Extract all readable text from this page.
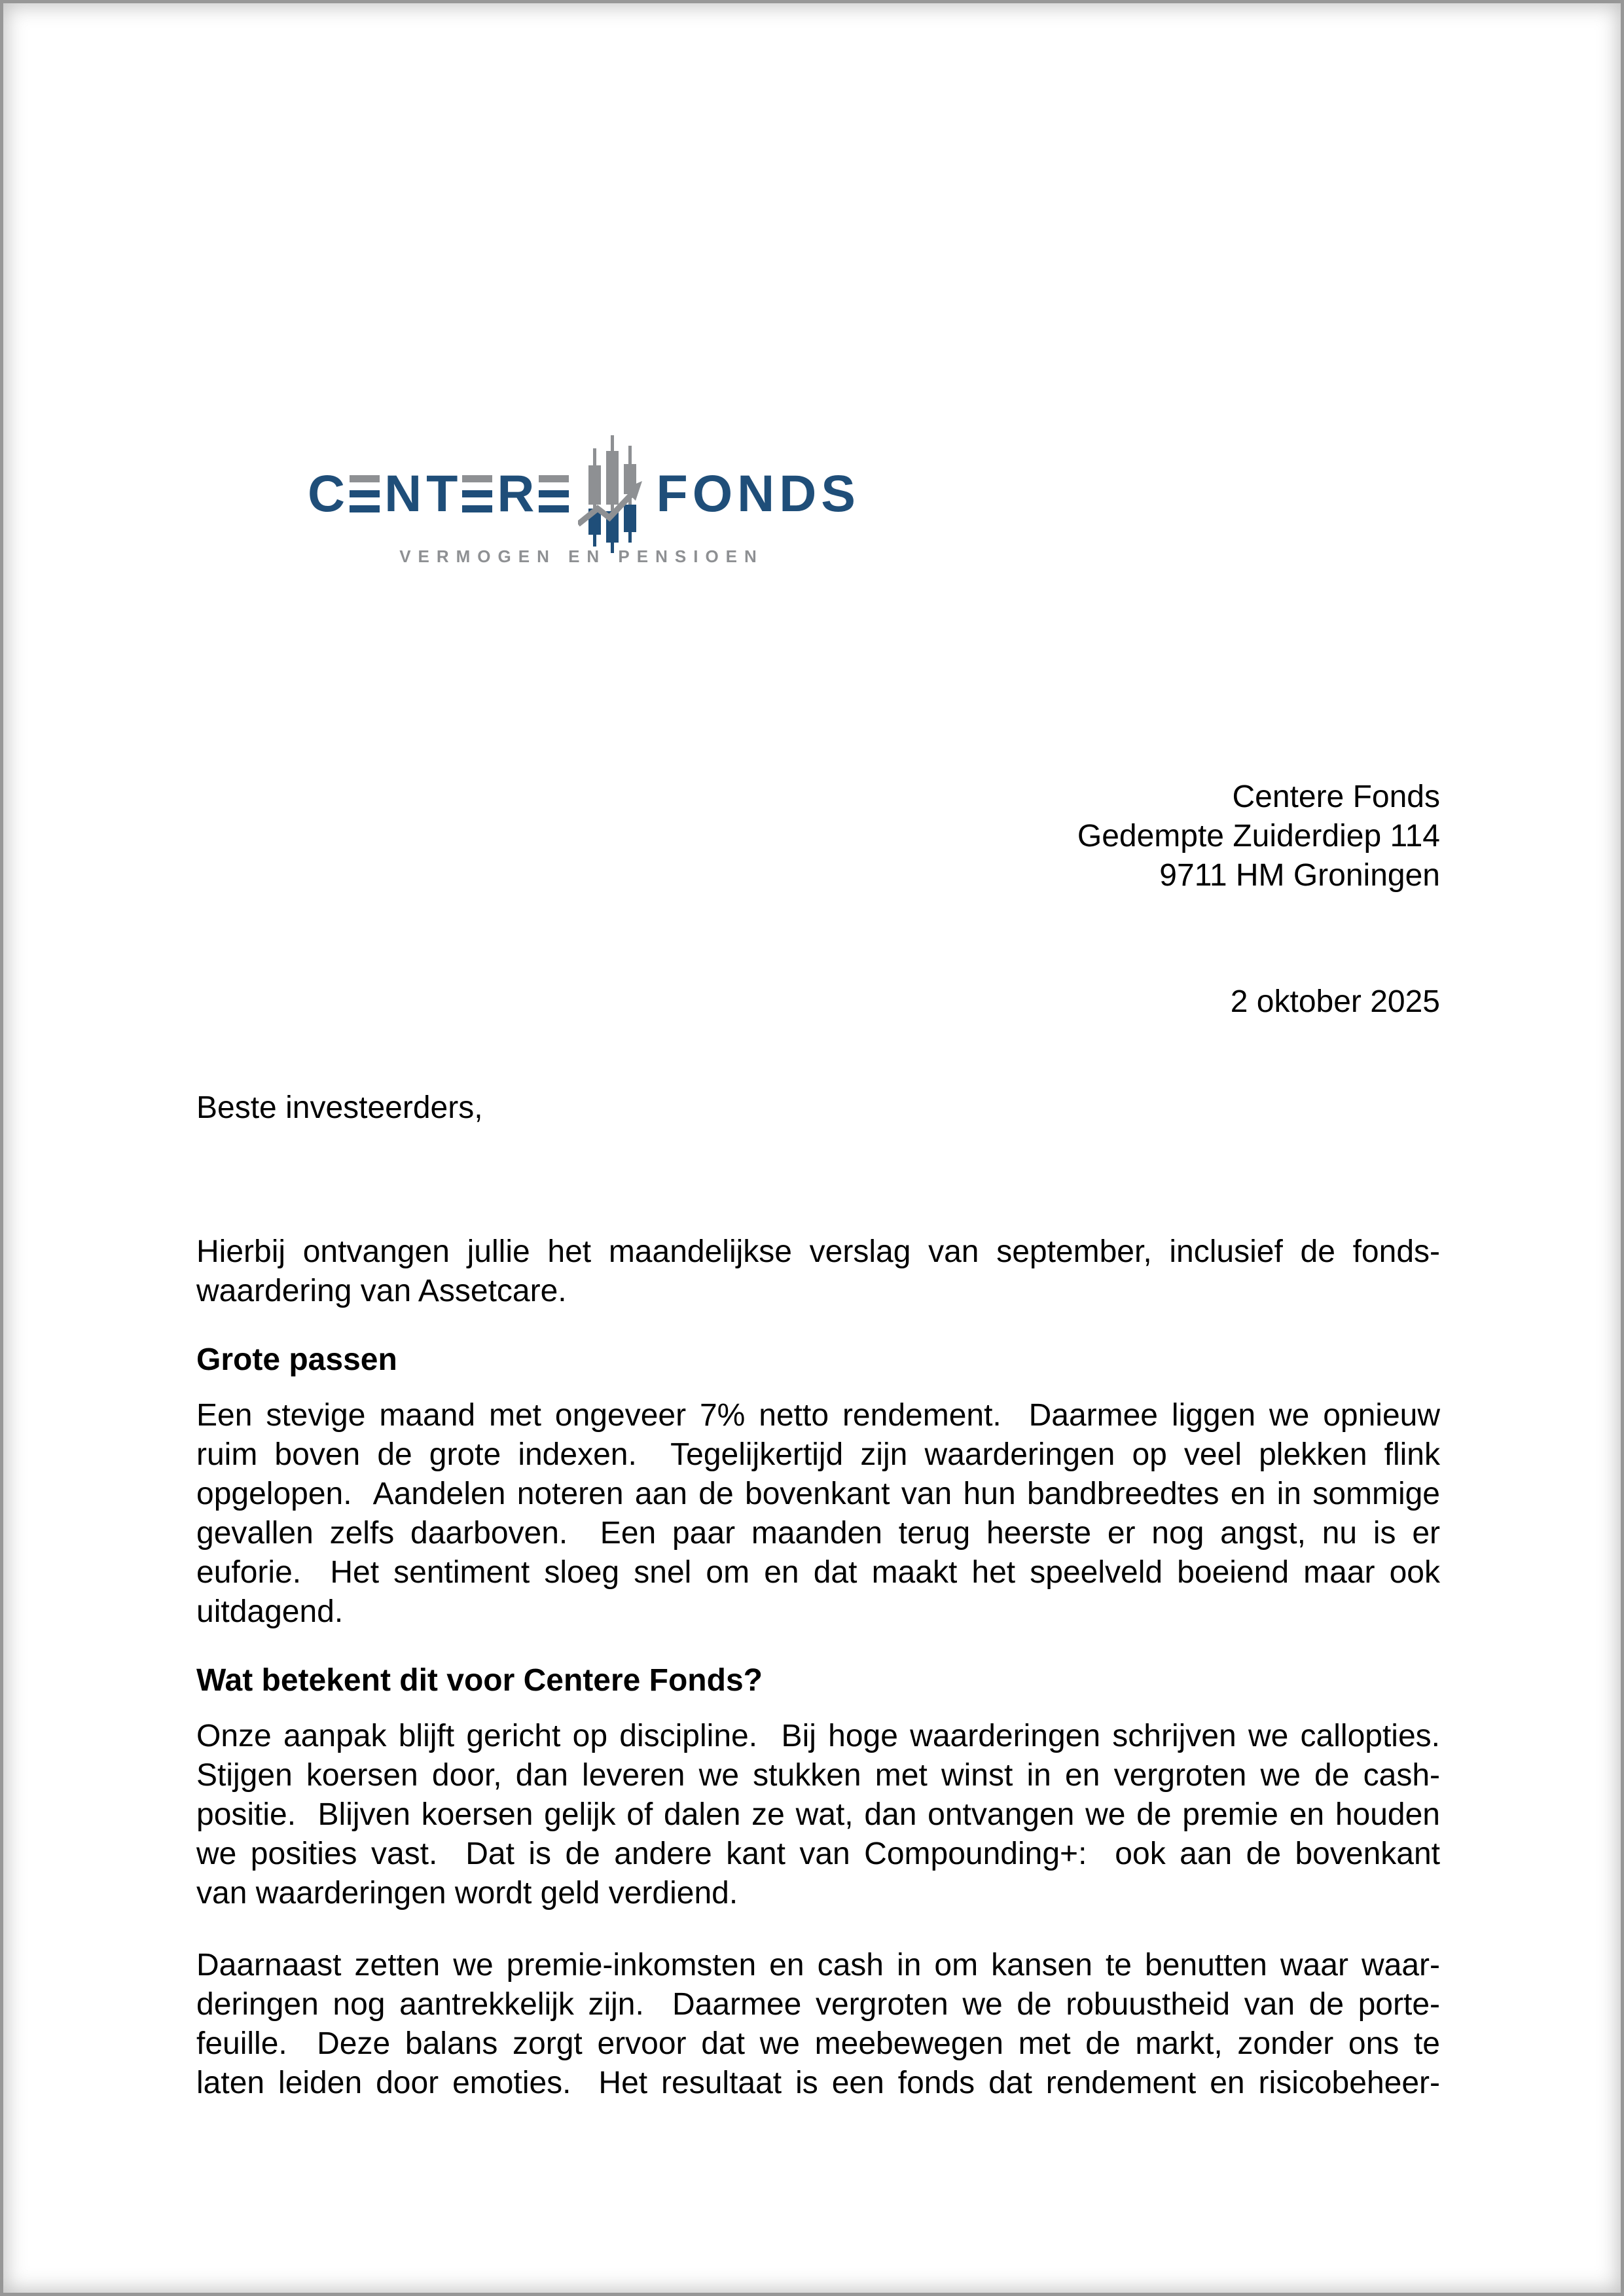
C N T R F O N D S
VERMOGEN EN PENSIOEN
Centere Fonds
Gedempte Zuiderdiep 114
9711 HM Groningen
2 oktober 2025
Beste investeerders,
Hierbij ontvangen jullie het maandelijkse verslag van september, inclusief de fonds-
waardering van Assetcare.
Grote passen
Een stevige maand met ongeveer 7% netto rendement.  Daarmee liggen we opnieuw
ruim boven de grote indexen.  Tegelijkertijd zijn waarderingen op veel plekken flink
opgelopen.  Aandelen noteren aan de bovenkant van hun bandbreedtes en in sommige
gevallen zelfs daarboven.  Een paar maanden terug heerste er nog angst, nu is er
euforie.  Het sentiment sloeg snel om en dat maakt het speelveld boeiend maar ook
uitdagend.
Wat betekent dit voor Centere Fonds?
Onze aanpak blijft gericht op discipline.  Bij hoge waarderingen schrijven we callopties.
Stijgen koersen door, dan leveren we stukken met winst in en vergroten we de cash-
positie.  Blijven koersen gelijk of dalen ze wat, dan ontvangen we de premie en houden
we posities vast.  Dat is de andere kant van Compounding+:  ook aan de bovenkant
van waarderingen wordt geld verdiend.
Daarnaast zetten we premie-inkomsten en cash in om kansen te benutten waar waar-
deringen nog aantrekkelijk zijn.  Daarmee vergroten we de robuustheid van de porte-
feuille.  Deze balans zorgt ervoor dat we meebewegen met de markt, zonder ons te
laten leiden door emoties.  Het resultaat is een fonds dat rendement en risicobeheer-
